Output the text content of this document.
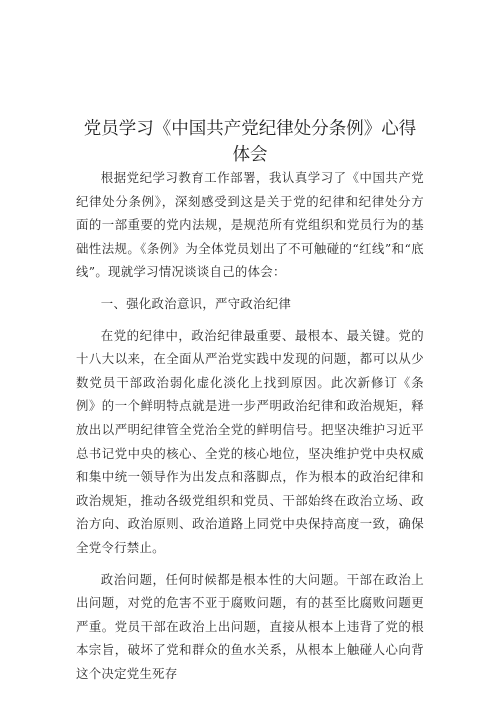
党员学习《中国共产党纪律处分条例》心得体会

根据党纪学习教育工作部署，我认真学习了《中国共产党纪律处分条例》，深刻感受到这是关于党的纪律和纪律处分方面的一部重要的党内法规，是规范所有党组织和党员行为的基础性法规。《条例》为全体党员划出了不可触碰的“红线”和“底线”。现就学习情况谈谈自己的体会：

一、强化政治意识，严守政治纪律

在党的纪律中，政治纪律最重要、最根本、最关键。党的十八大以来，在全面从严治党实践中发现的问题，都可以从少数党员干部政治弱化虚化淡化上找到原因。此次新修订《条例》的一个鲜明特点就是进一步严明政治纪律和政治规矩，释放出以严明纪律管全党治全党的鲜明信号。把坚决维护习近平总书记党中央的核心、全党的核心地位，坚决维护党中央权威和集中统一领导作为出发点和落脚点，作为根本的政治纪律和政治规矩，推动各级党组织和党员、干部始终在政治立场、政治方向、政治原则、政治道路上同党中央保持高度一致，确保全党令行禁止。

政治问题，任何时候都是根本性的大问题。干部在政治上出问题，对党的危害不亚于腐败问题，有的甚至比腐败问题更严重。党员干部在政治上出问题，直接从根本上违背了党的根本宗旨，破坏了党和群众的鱼水关系，从根本上触碰人心向背这个决定党生死存
